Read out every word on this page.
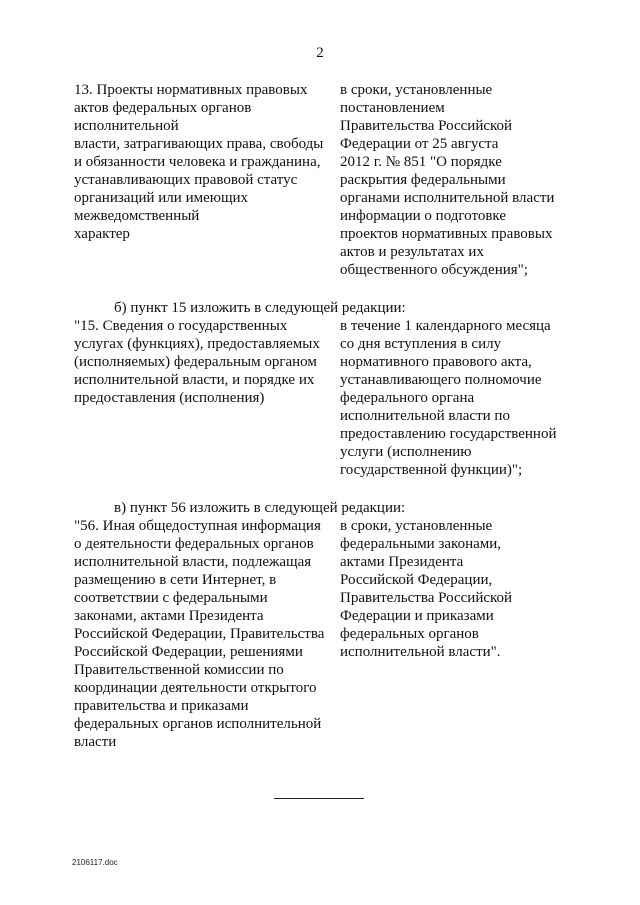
2
13. Проекты нормативных правовых
актов федеральных органов
исполнительной
власти, затрагивающих права, свободы
и обязанности человека и гражданина,
устанавливающих правовой статус
организаций или имеющих
межведомственный
характер
в сроки, установленные
постановлением
Правительства Российской
Федерации от 25 августа
2012 г. № 851 "О порядке
раскрытия федеральными
органами исполнительной власти
информации о подготовке
проектов нормативных правовых
актов и результатах их
общественного обсуждения";
б) пункт 15 изложить в следующей редакции:
"15. Сведения о государственных
услугах (функциях), предоставляемых
(исполняемых) федеральным органом
исполнительной власти, и порядке их
предоставления (исполнения)
в течение 1 календарного месяца
со дня вступления в силу
нормативного правового акта,
устанавливающего полномочие
федерального органа
исполнительной власти по
предоставлению государственной
услуги (исполнению
государственной функции)";
в) пункт 56 изложить в следующей редакции:
"56. Иная общедоступная информация
о деятельности федеральных органов
исполнительной власти, подлежащая
размещению в сети Интернет, в
соответствии с федеральными
законами, актами Президента
Российской Федерации, Правительства
Российской Федерации, решениями
Правительственной комиссии по
координации деятельности открытого
правительства и приказами
федеральных органов исполнительной
власти
в сроки, установленные
федеральными законами,
актами Президента
Российской Федерации,
Правительства Российской
Федерации и приказами
федеральных органов
исполнительной власти".
2106117.doc
